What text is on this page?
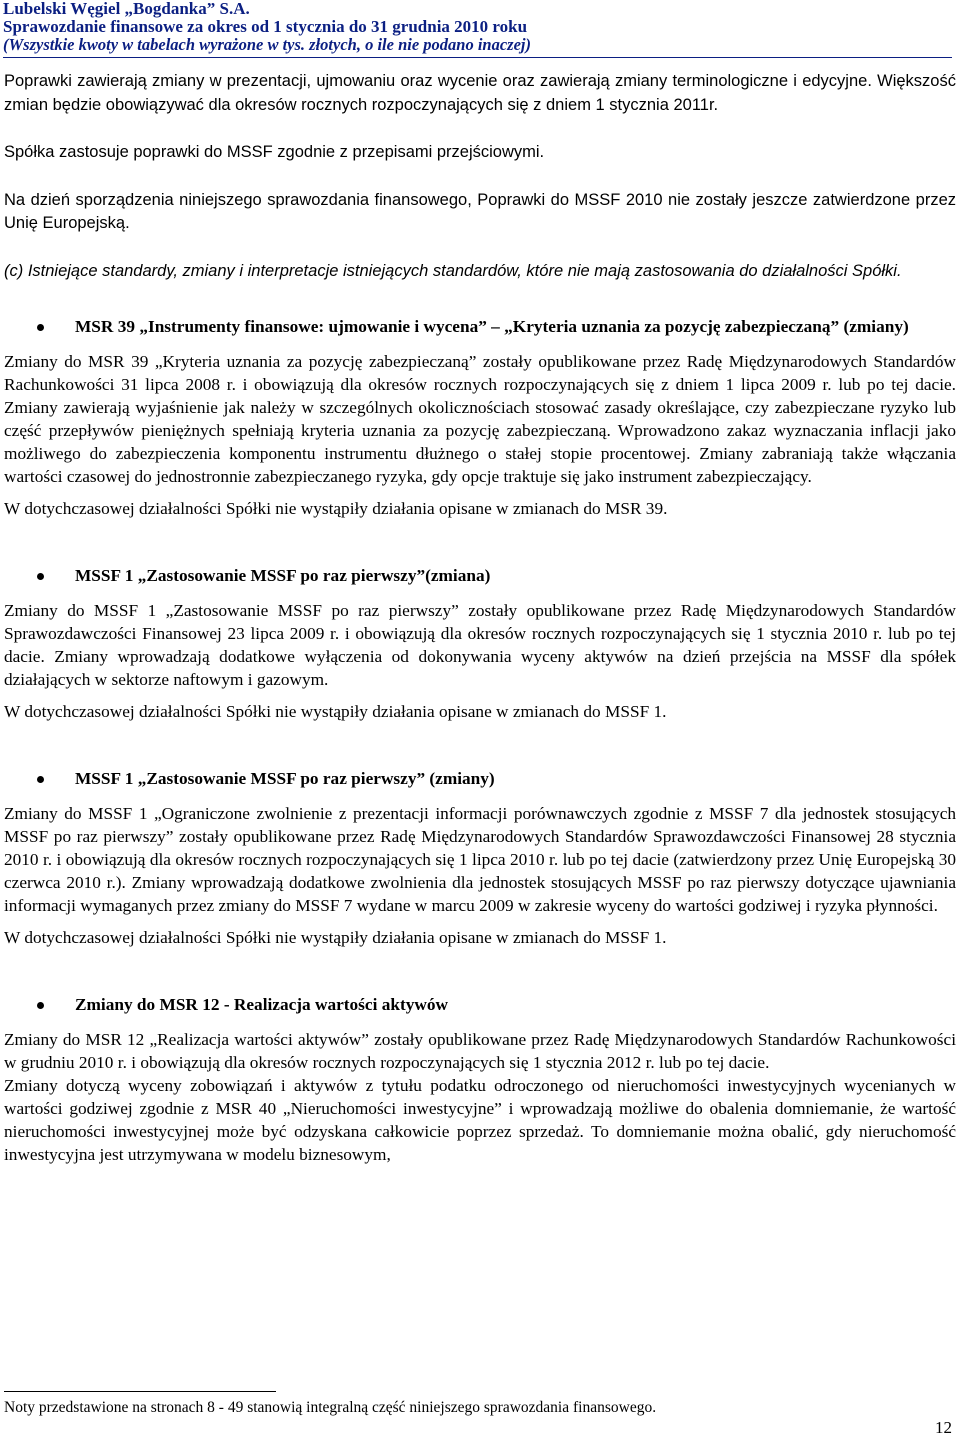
Lubelski Węgiel „Bogdanka” S.A.
Sprawozdanie finansowe za okres od 1 stycznia do 31 grudnia 2010 roku
(Wszystkie kwoty w tabelach wyrażone w tys. złotych, o ile nie podano inaczej)

Poprawki zawierają zmiany w prezentacji, ujmowaniu oraz wycenie oraz zawierają zmiany terminologiczne i edycyjne. Większość zmian będzie obowiązywać dla okresów rocznych rozpoczynających się z dniem 1 stycznia 2011r.

Spółka zastosuje poprawki do MSSF zgodnie z przepisami przejściowymi.

Na dzień sporządzenia niniejszego sprawozdania finansowego, Poprawki do MSSF 2010 nie zostały jeszcze zatwierdzone przez Unię Europejską.

(c) Istniejące standardy, zmiany i interpretacje istniejących standardów, które nie mają zastosowania do działalności Spółki.

MSR 39 „Instrumenty finansowe: ujmowanie i wycena” – „Kryteria uznania za pozycję zabezpieczaną” (zmiany)

Zmiany do MSR 39 „Kryteria uznania za pozycję zabezpieczaną” zostały opublikowane przez Radę Międzynarodowych Standardów Rachunkowości 31 lipca 2008 r. i obowiązują dla okresów rocznych rozpoczynających się z dniem 1 lipca 2009 r. lub po tej dacie. Zmiany zawierają wyjaśnienie jak należy w szczególnych okolicznościach stosować zasady określające, czy zabezpieczane ryzyko lub część przepływów pieniężnych spełniają kryteria uznania za pozycję zabezpieczaną. Wprowadzono zakaz wyznaczania inflacji jako możliwego do zabezpieczenia komponentu instrumentu dłużnego o stałej stopie procentowej. Zmiany zabraniają także włączania wartości czasowej do jednostronnie zabezpieczanego ryzyka, gdy opcje traktuje się jako instrument zabezpieczający.

W dotychczasowej działalności Spółki nie wystąpiły działania opisane w zmianach do MSR 39.

MSSF 1 „Zastosowanie MSSF po raz pierwszy”(zmiana)

Zmiany do MSSF 1 „Zastosowanie MSSF po raz pierwszy” zostały opublikowane przez Radę Międzynarodowych Standardów Sprawozdawczości Finansowej 23 lipca 2009 r. i obowiązują dla okresów rocznych rozpoczynających się 1 stycznia 2010 r. lub po tej dacie. Zmiany wprowadzają dodatkowe wyłączenia od dokonywania wyceny aktywów na dzień przejścia na MSSF dla spółek działających w sektorze naftowym i gazowym.

W dotychczasowej działalności Spółki nie wystąpiły działania opisane w zmianach do MSSF 1.

MSSF 1 „Zastosowanie MSSF po raz pierwszy” (zmiany)

Zmiany do MSSF 1 „Ograniczone zwolnienie z prezentacji informacji porównawczych zgodnie z MSSF 7 dla jednostek stosujących MSSF po raz pierwszy” zostały opublikowane przez Radę Międzynarodowych Standardów Sprawozdawczości Finansowej 28 stycznia 2010 r. i obowiązują dla okresów rocznych rozpoczynających się 1 lipca 2010 r. lub po tej dacie (zatwierdzony przez Unię Europejską 30 czerwca 2010 r.). Zmiany wprowadzają dodatkowe zwolnienia dla jednostek stosujących MSSF po raz pierwszy dotyczące ujawniania informacji wymaganych przez zmiany do MSSF 7 wydane w marcu 2009 w zakresie wyceny do wartości godziwej i ryzyka płynności.

W dotychczasowej działalności Spółki nie wystąpiły działania opisane w zmianach do MSSF 1.

Zmiany do MSR 12 - Realizacja wartości aktywów

Zmiany do MSR 12 „Realizacja wartości aktywów” zostały opublikowane przez Radę Międzynarodowych Standardów Rachunkowości w grudniu 2010 r. i obowiązują dla okresów rocznych rozpoczynających się 1 stycznia 2012 r. lub po tej dacie.

Zmiany dotyczą wyceny zobowiązań i aktywów z tytułu podatku odroczonego od nieruchomości inwestycyjnych wycenianych w wartości godziwej zgodnie z MSR 40 „Nieruchomości inwestycyjne” i wprowadzają możliwe do obalenia domniemanie, że wartość nieruchomości inwestycyjnej może być odzyskana całkowicie poprzez sprzedaż. To domniemanie można obalić, gdy nieruchomość inwestycyjna jest utrzymywana w modelu biznesowym,

Noty przedstawione na stronach 8 - 49 stanowią integralną część niniejszego sprawozdania finansowego.
12
